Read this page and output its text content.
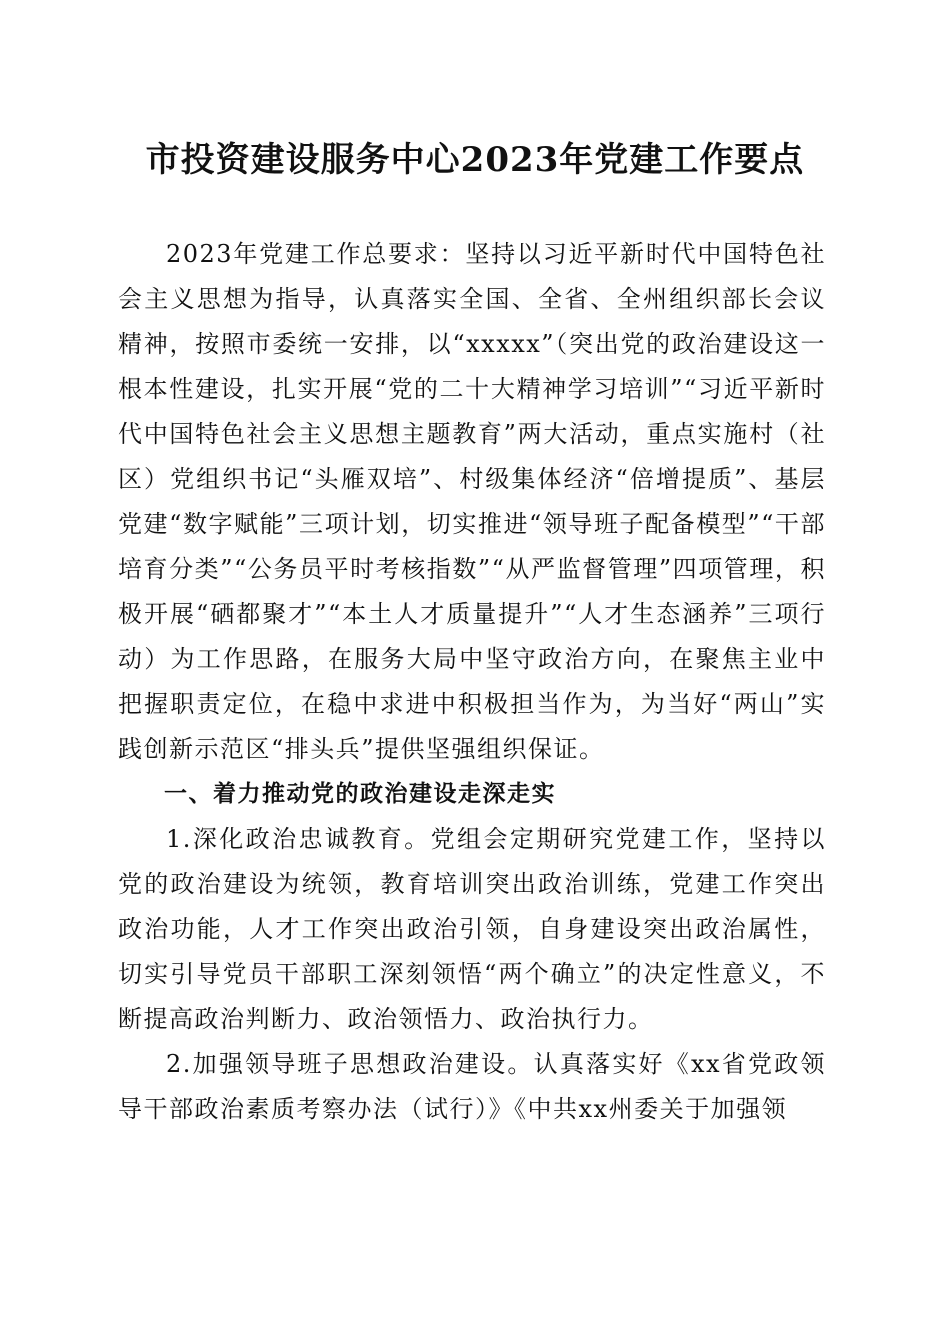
市投资建设服务中心2023年党建工作要点

2023年党建工作总要求：坚持以习近平新时代中国特色社会主义思想为指导，认真落实全国、全省、全州组织部长会议精神，按照市委统一安排，以“xxxxx”（突出党的政治建设这一根本性建设，扎实开展“党的二十大精神学习培训”“习近平新时代中国特色社会主义思想主题教育”两大活动，重点实施村（社区）党组织书记“头雁双培”、村级集体经济“倍增提质”、基层党建“数字赋能”三项计划，切实推进“领导班子配备模型”“干部培育分类”“公务员平时考核指数”“从严监督管理”四项管理，积极开展“硒都聚才”“本土人才质量提升”“人才生态涵养”三项行动）为工作思路，在服务大局中坚守政治方向，在聚焦主业中把握职责定位，在稳中求进中积极担当作为，为当好“两山”实践创新示范区“排头兵”提供坚强组织保证。

一、着力推动党的政治建设走深走实

1.深化政治忠诚教育。党组会定期研究党建工作，坚持以党的政治建设为统领，教育培训突出政治训练，党建工作突出政治功能，人才工作突出政治引领，自身建设突出政治属性，切实引导党员干部职工深刻领悟“两个确立”的决定性意义，不断提高政治判断力、政治领悟力、政治执行力。

2.加强领导班子思想政治建设。认真落实好《xx省党政领导干部政治素质考察办法（试行）》《中共xx州委关于加强领
